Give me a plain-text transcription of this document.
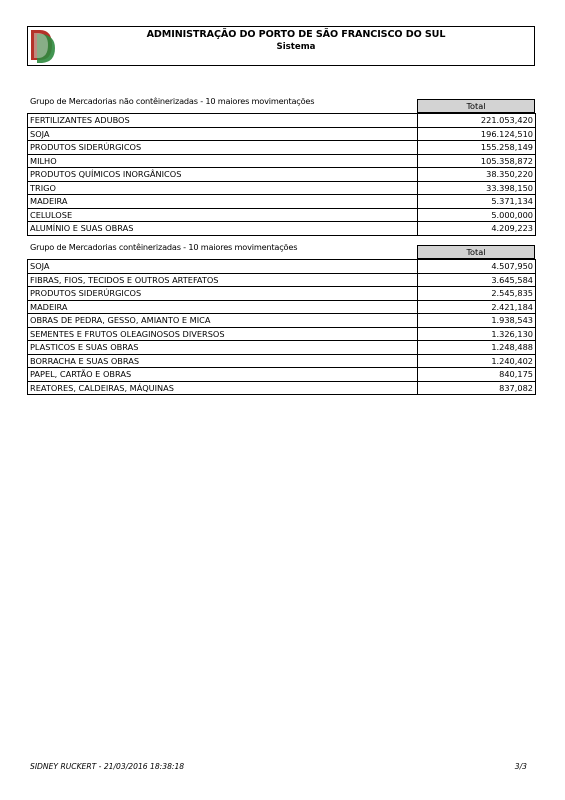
ADMINISTRAÇÃO DO PORTO DE SÃO FRANCISCO DO SUL
Sistema
Grupo de Mercadorias não contêinerizadas - 10 maiores movimentações	Total
FERTILIZANTES ADUBOS	221.053,420
SOJA	196.124,510
PRODUTOS SIDERÚRGICOS	155.258,149
MILHO	105.358,872
PRODUTOS QUÍMICOS INORGÂNICOS	38.350,220
TRIGO	33.398,150
MADEIRA	5.371,134
CELULOSE	5.000,000
ALUMÍNIO E SUAS OBRAS	4.209,223
Grupo de Mercadorias contêinerizadas - 10 maiores movimentações	Total
SOJA	4.507,950
FIBRAS, FIOS, TECIDOS E OUTROS ARTEFATOS	3.645,584
PRODUTOS SIDERÚRGICOS	2.545,835
MADEIRA	2.421,184
OBRAS DE PEDRA, GESSO, AMIANTO E MICA	1.938,543
SEMENTES E FRUTOS OLEAGINOSOS DIVERSOS	1.326,130
PLASTICOS E SUAS OBRAS	1.248,488
BORRACHA E SUAS OBRAS	1.240,402
PAPEL, CARTÃO E OBRAS	840,175
REATORES, CALDEIRAS, MÁQUINAS	837,082
SIDNEY RUCKERT - 21/03/2016 18:38:18	3/3
